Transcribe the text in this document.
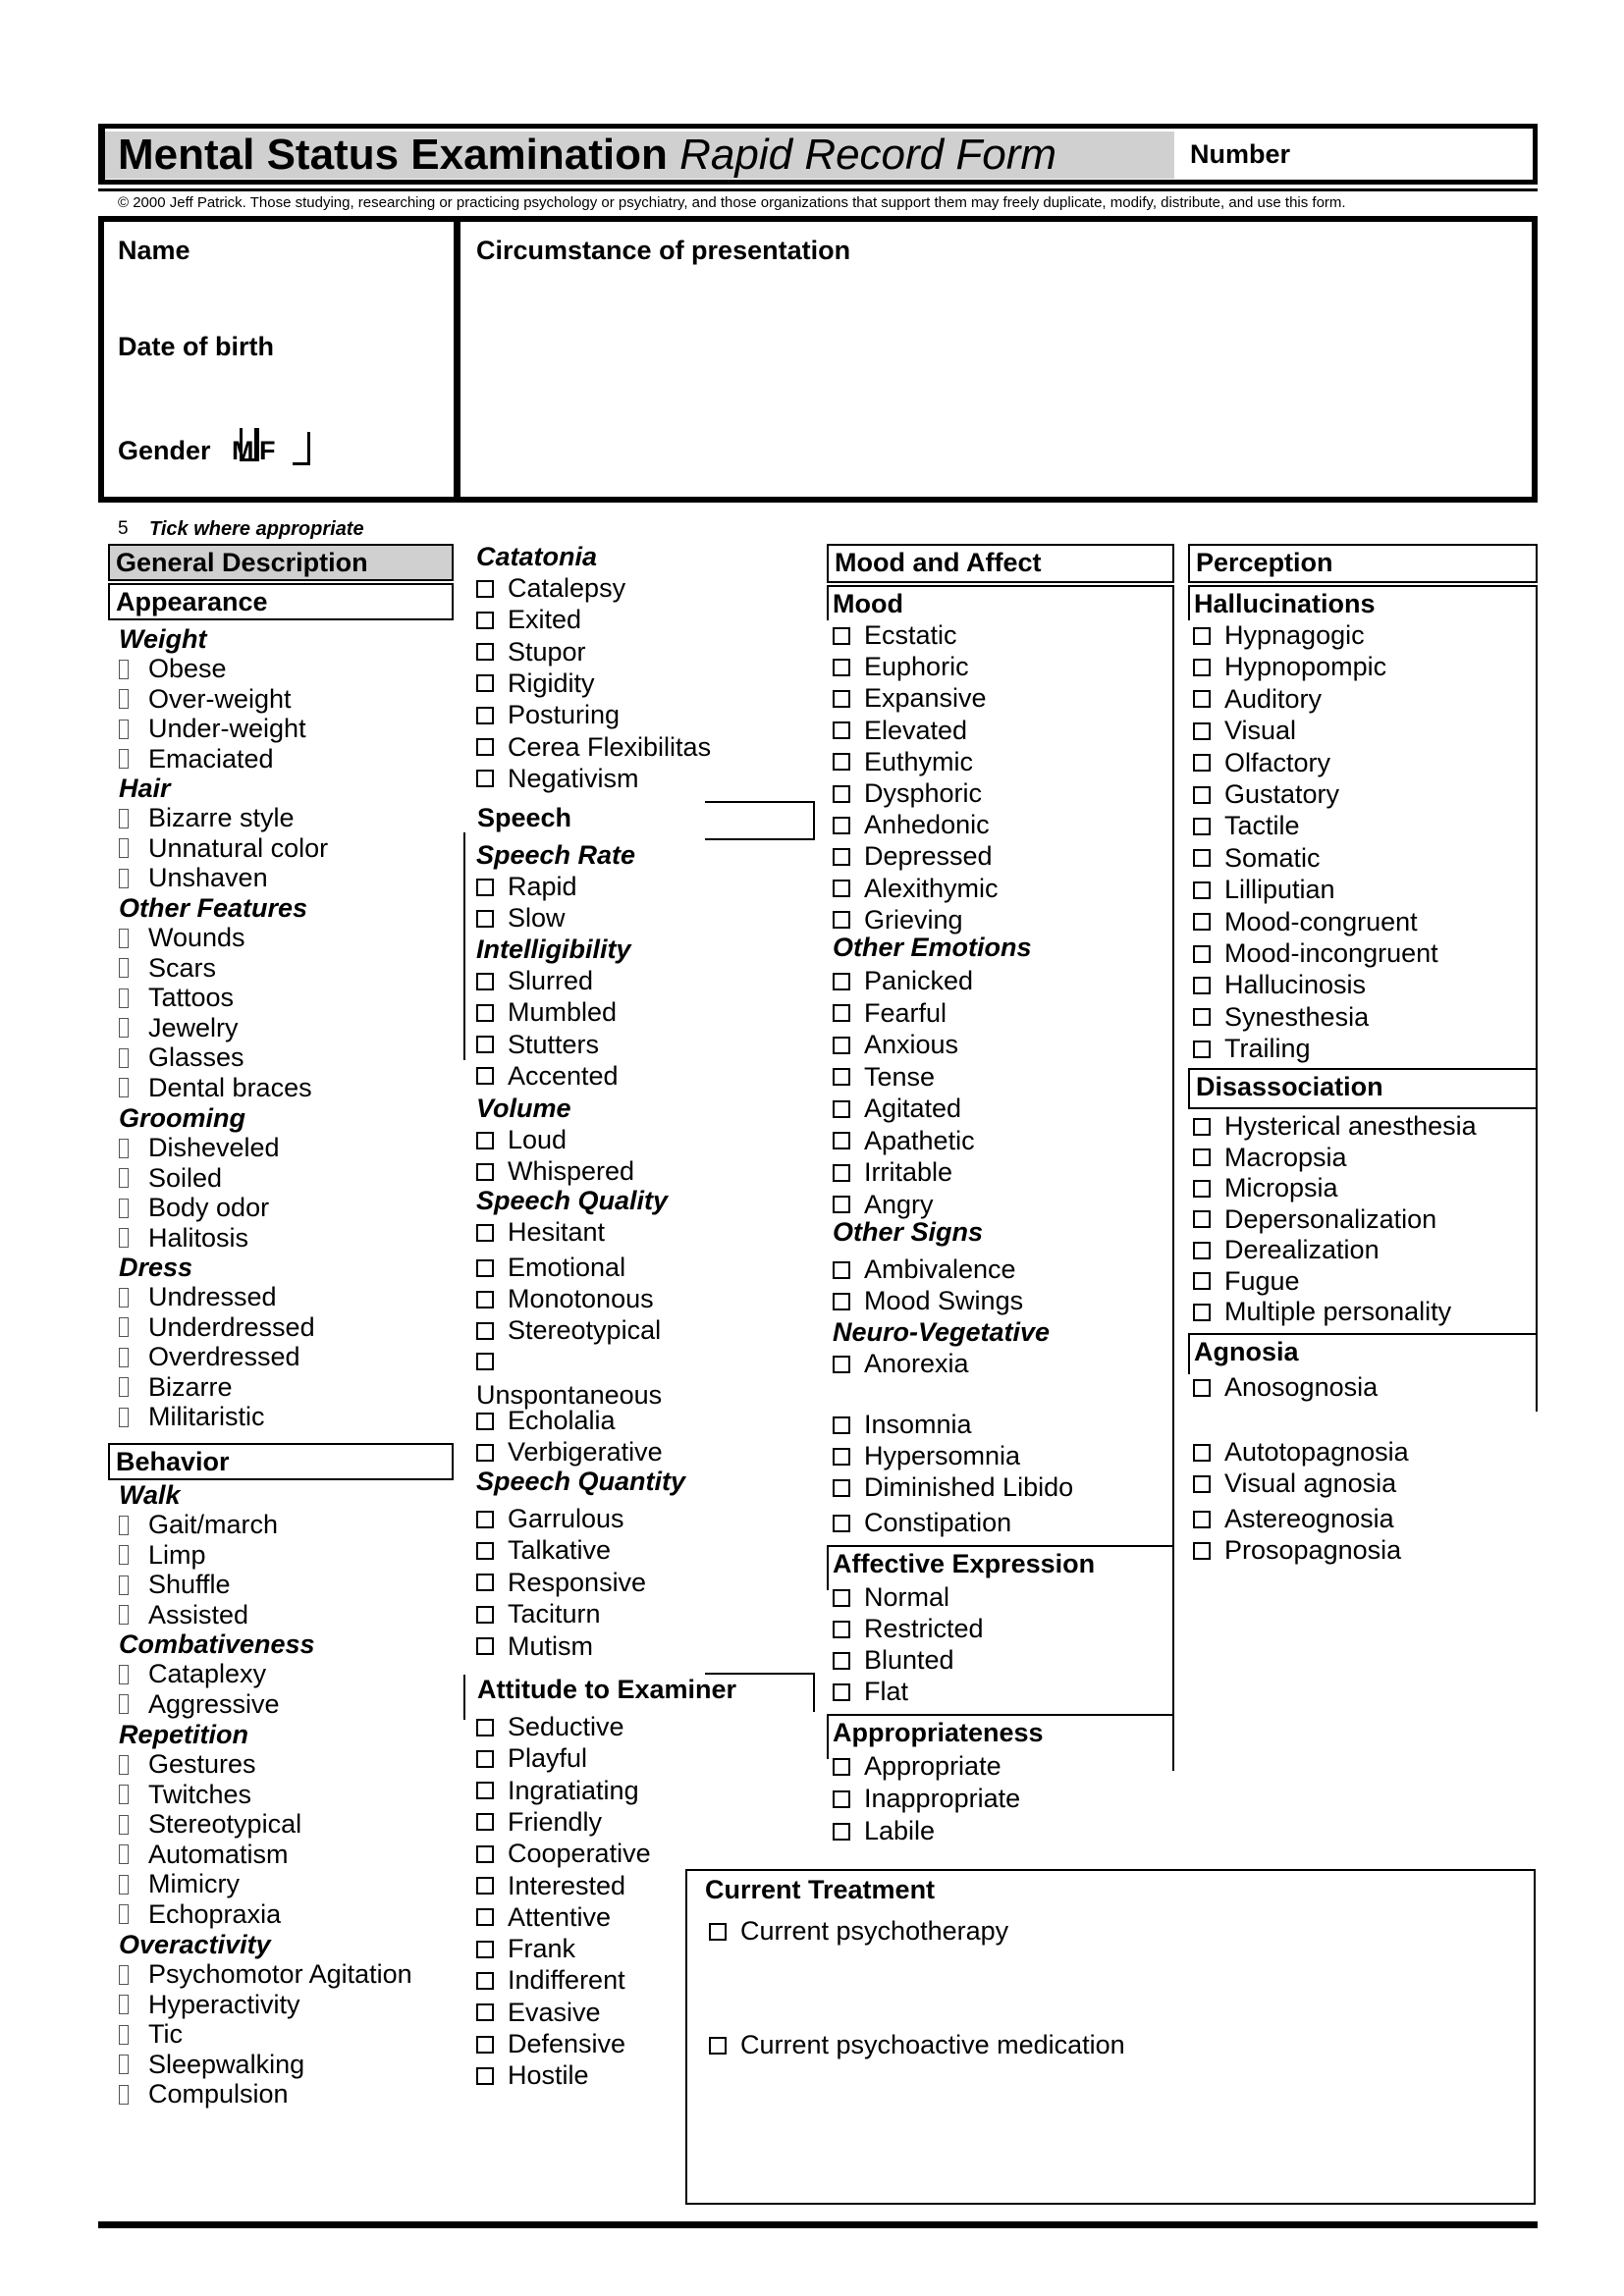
Mental Status Examination Rapid Record Form	Number
© 2000 Jeff Patrick. Those studying, researching or practicing psychology or psychiatry, and those organizations that support them may freely duplicate, modify, distribute, and use this form.
Name
Date of birth
Gender M F
Circumstance of presentation
5 Tick where appropriate
General Description
Appearance
Weight
Behavior
Obese
Over-weight
Under-weight
Emaciated
Hair
Bizarre style
Unnatural color
Unshaven
Other Features
Wounds
Scars
Tattoos
Jewelry
Glasses
Dental braces
Grooming
Disheveled
Soiled
Body odor
Halitosis
Dress
Undressed
Underdressed
Overdressed
Bizarre
Militaristic
Walk
Gait/march
Limp
Shuffle
Assisted
Combativeness
Cataplexy
Aggressive
Repetition
Gestures
Twitches
Stereotypical
Automatism
Mimicry
Echopraxia
Overactivity
Psychomotor Agitation
Hyperactivity
Tic
Sleepwalking
Compulsion
Catatonia
Catalepsy
Exited
Stupor
Rigidity
Posturing
Cerea Flexibilitas
Negativism
Speech Rate
Rapid
Slow
Intelligibility
Slurred
Mumbled
Stutters
Accented
Volume
Loud
Whispered
Speech Quality
Hesitant
Emotional
Monotonous
Stereotypical
Unspontaneous
Echolalia
Verbigerative
Speech Quantity
Garrulous
Talkative
Responsive
Taciturn
Mutism
Seductive
Playful
Ingratiating
Friendly
Cooperative
Interested
Attentive
Frank
Indifferent
Evasive
Defensive
Hostile
Speech
Attitude to Examiner
Mood and Affect
Mood
Affective Expression
Appropriateness
Ecstatic
Euphoric
Expansive
Elevated
Euthymic
Dysphoric
Anhedonic
Depressed
Alexithymic
Grieving
Other Emotions
Panicked
Fearful
Anxious
Tense
Agitated
Apathetic
Irritable
Angry
Other Signs
Ambivalence
Mood Swings
Neuro-Vegetative
Anorexia
Insomnia
Hypersomnia
Diminished Libido
Constipation
Normal
Restricted
Blunted
Flat
Appropriate
Inappropriate
Labile
Perception
Hallucinations
Disassociation
Agnosia
Hypnagogic
Hypnopompic
Auditory
Visual
Olfactory
Gustatory
Tactile
Somatic
Lilliputian
Mood-congruent
Mood-incongruent
Hallucinosis
Synesthesia
Trailing
Hysterical anesthesia
Macropsia
Micropsia
Depersonalization
Derealization
Fugue
Multiple personality
Anosognosia
Autotopagnosia
Visual agnosia
Astereognosia
Prosopagnosia
Current Treatment
Current psychotherapy
Current psychoactive medication
